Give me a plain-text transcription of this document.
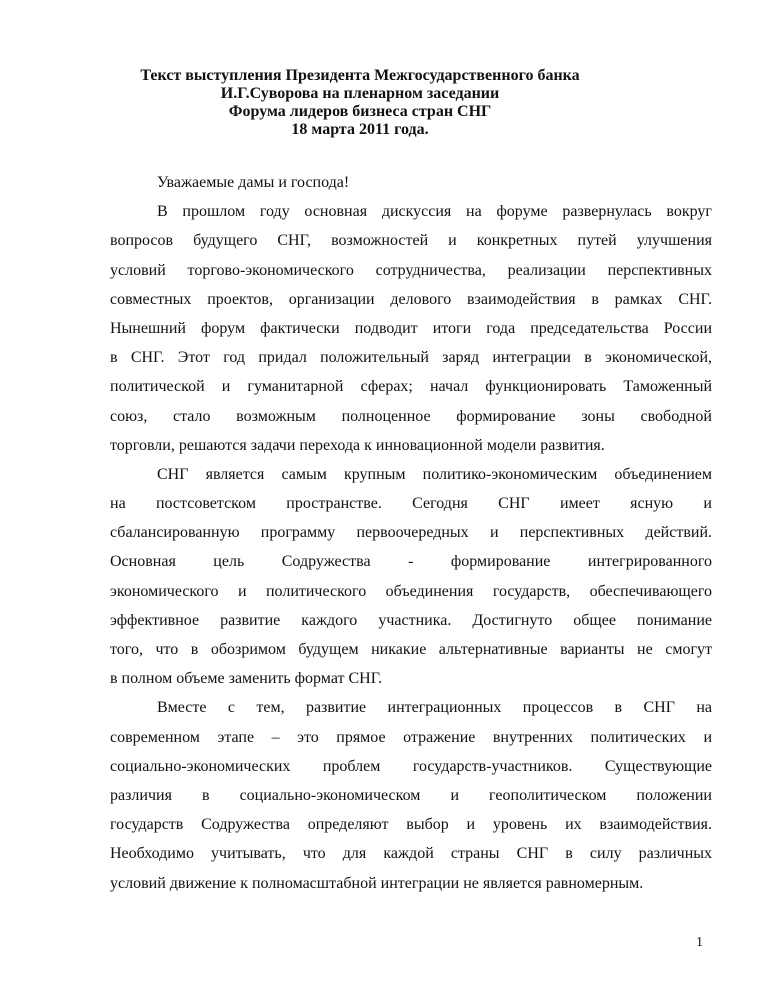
Текст выступления Президента Межгосударственного банка
И.Г.Суворова на пленарном заседании
Форума лидеров бизнеса стран СНГ
18 марта 2011 года.
Уважаемые дамы и господа!
В прошлом году основная дискуссия на форуме развернулась вокруг
вопросов будущего СНГ, возможностей и конкретных путей улучшения
условий торгово-экономического сотрудничества, реализации перспективных
совместных проектов, организации делового взаимодействия в рамках СНГ.
Нынешний форум фактически подводит итоги года председательства России
в СНГ. Этот год придал положительный заряд интеграции в экономической,
политической и гуманитарной сферах; начал функционировать Таможенный
союз, стало возможным полноценное формирование зоны свободной
торговли, решаются задачи перехода к инновационной модели развития.
СНГ является самым крупным политико-экономическим объединением
на постсоветском пространстве. Сегодня СНГ имеет ясную и
сбалансированную программу первоочередных и перспективных действий.
Основная цель Содружества - формирование интегрированного
экономического и политического объединения государств, обеспечивающего
эффективное развитие каждого участника. Достигнуто общее понимание
того, что в обозримом будущем никакие альтернативные варианты не смогут
в полном объеме заменить формат СНГ.
Вместе с тем, развитие интеграционных процессов в СНГ на
современном этапе – это прямое отражение внутренних политических и
социально-экономических проблем государств-участников. Существующие
различия в социально-экономическом и геополитическом положении
государств Содружества определяют выбор и уровень их взаимодействия.
Необходимо учитывать, что для каждой страны СНГ в силу различных
условий движение к полномасштабной интеграции не является равномерным.
1
